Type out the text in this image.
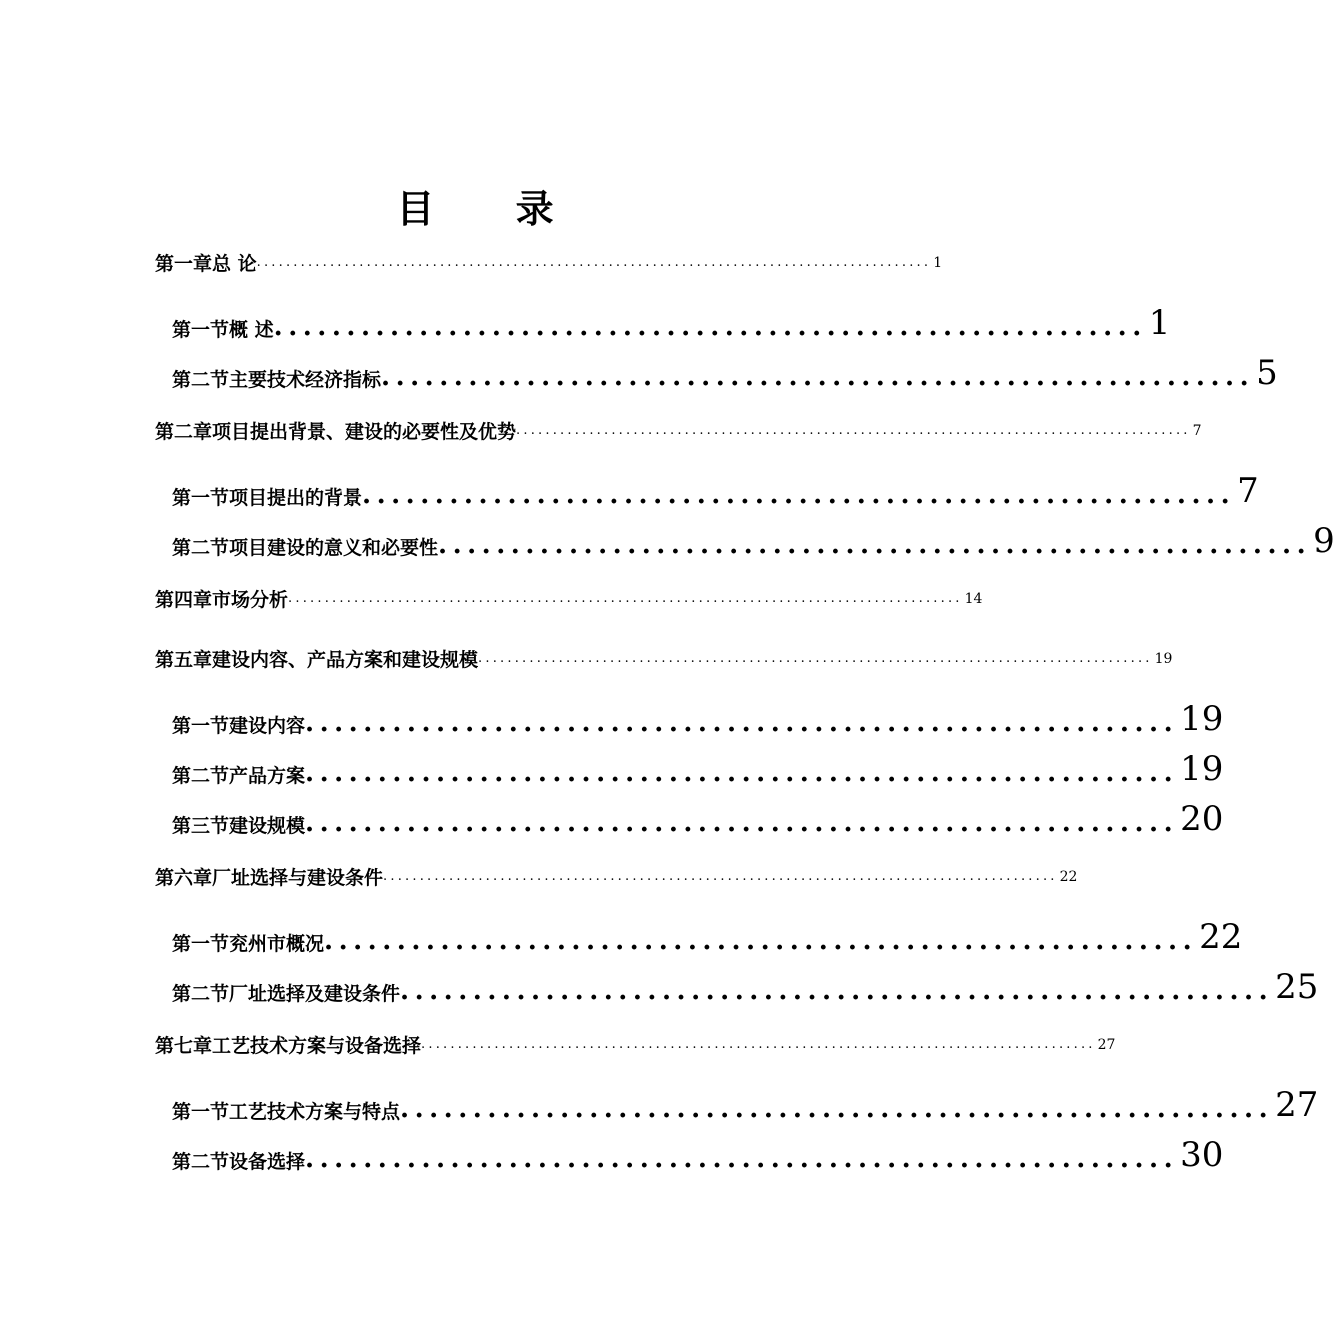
目 录
第一章 总 论 ............................................................................................ 1
第一节 概 述 ............................................................ 1
第二节 主要技术经济指标 ............................................................ 5
第二章 项目提出背景、建设的必要性及优势 ............................................................................................ 7
第一节 项目提出的背景 ............................................................ 7
第二节 项目建设的意义和必要性 ............................................................ 9
第四章 市场分析 ............................................................................................ 14
第五章 建设内容、产品方案和建设规模 ............................................................................................ 19
第一节 建设内容 ............................................................ 19
第二节 产品方案 ............................................................ 19
第三节 建设规模 ............................................................ 20
第六章 厂址选择与建设条件 ............................................................................................ 22
第一节 兖州市概况 ............................................................ 22
第二节 厂址选择及建设条件 ............................................................ 25
第七章 工艺技术方案与设备选择 ............................................................................................ 27
第一节 工艺技术方案与特点 ............................................................ 27
第二节 设备选择 ............................................................ 30
